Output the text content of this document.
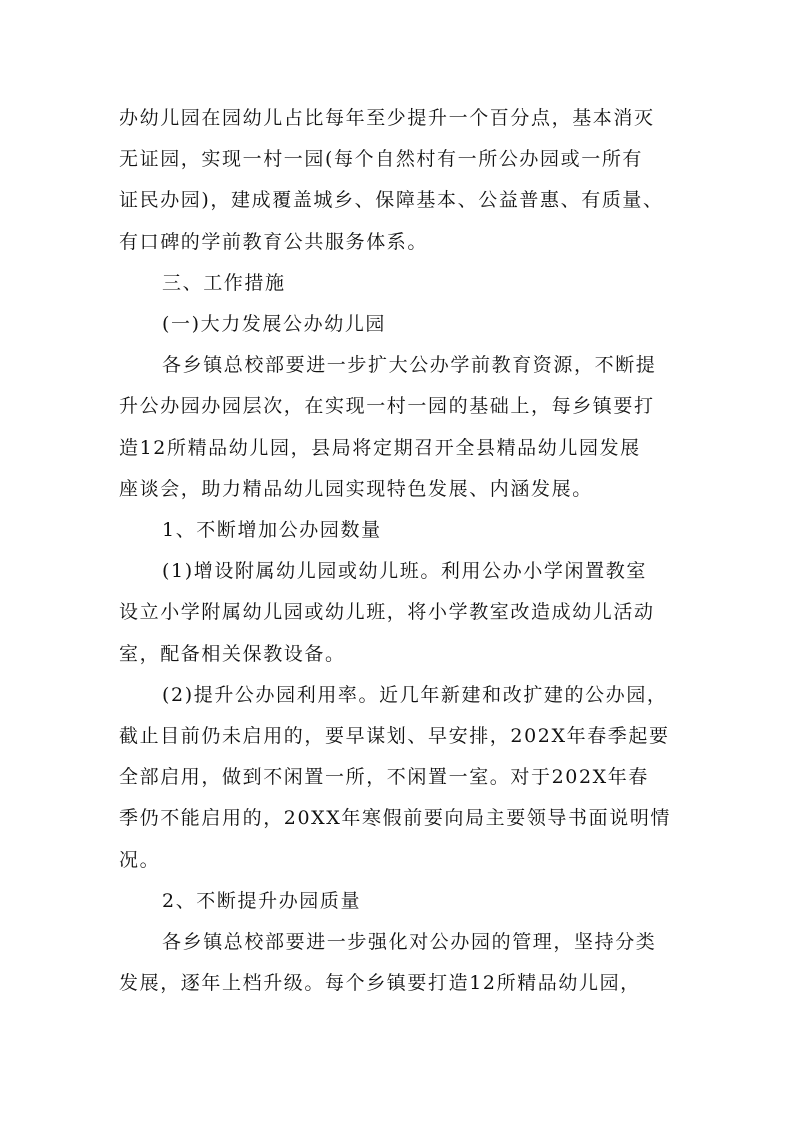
办幼儿园在园幼儿占比每年至少提升一个百分点，基本消灭

无证园，实现一村一园(每个自然村有一所公办园或一所有

证民办园)，建成覆盖城乡、保障基本、公益普惠、有质量、

有口碑的学前教育公共服务体系。

三、工作措施

(一)大力发展公办幼儿园

各乡镇总校部要进一步扩大公办学前教育资源，不断提

升公办园办园层次，在实现一村一园的基础上，每乡镇要打

造12所精品幼儿园，县局将定期召开全县精品幼儿园发展

座谈会，助力精品幼儿园实现特色发展、内涵发展。

1、不断增加公办园数量

(1)增设附属幼儿园或幼儿班。利用公办小学闲置教室

设立小学附属幼儿园或幼儿班，将小学教室改造成幼儿活动

室，配备相关保教设备。

(2)提升公办园利用率。近几年新建和改扩建的公办园，

截止目前仍未启用的，要早谋划、早安排，202X年春季起要

全部启用，做到不闲置一所，不闲置一室。对于202X年春

季仍不能启用的，20XX年寒假前要向局主要领导书面说明情

况。

2、不断提升办园质量

各乡镇总校部要进一步强化对公办园的管理，坚持分类

发展，逐年上档升级。每个乡镇要打造12所精品幼儿园，
